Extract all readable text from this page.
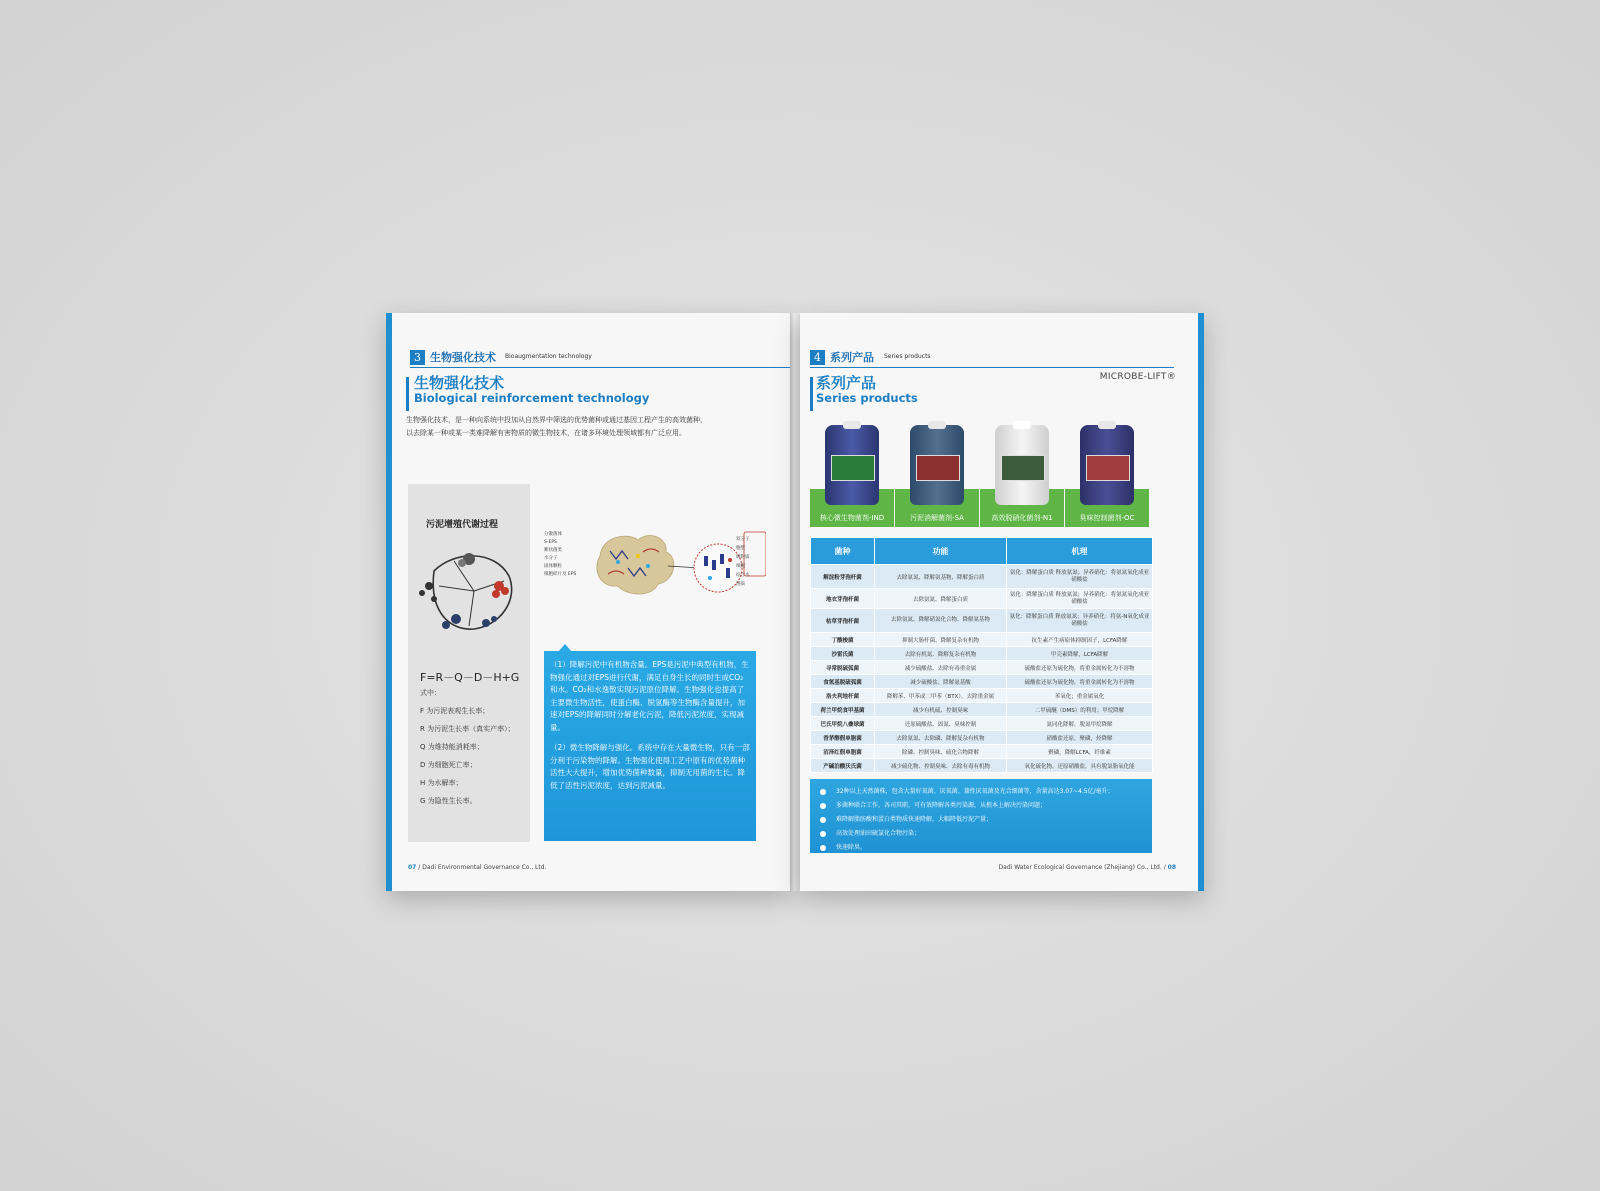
3 生物强化技术 Bioaugmentation technology
生物强化技术
Biological reinforcement technology
生物强化技术，是一种向系统中投加从自然界中筛选的优势菌种或通过基因工程产生的高效菌种，
以去除某一种或某一类难降解有害物质的微生物技术，在诸多环境处理领域都有广泛应用。
污泥增殖代谢过程
F=R－Q－D－H+G
式中：
F 为污泥表观生长率；
R 为污泥生长率（真实产率）；
Q 为维持能消耗率；
D 为细胞死亡率；
H 为水解率；
G 为隐性生长率。
分散菌体
S-EPS
絮状菌类
水分子
固体颗粒
细胞碎片及 EPS
双分子
胞壁
吸附质
细胞
结合水
溶质

（1）降解污泥中有机物含量。EPS是污泥中典型有机物，生物强化通过对EPS进行代谢，满足自身生长的同时生成CO₂和水。CO₂和水逸散实现污泥原位降解。生物强化也提高了主要微生物活性，使蛋白酶、脱氢酶等生物酶含量提升，加速对EPS的降解同时分解老化污泥，降低污泥浓度，实现减量。

（2）微生物降解与强化。系统中存在大量微生物，只有一部分利于污染物的降解。生物强化使得工艺中原有的优势菌种活性大大提升，增加优势菌种数量，抑制无用菌的生长。降低了活性污泥浓度，达到污泥减量。

07 / Dadi Environmental Governance Co., Ltd.
4 系列产品 Series products
系列产品
Series products
MICROBE-LIFT®
核心微生物菌剂-IND	污泥消解菌剂-SA	高效脱硝化菌剂-N1	臭味控制菌剂-OC
菌种	功能	机理
解淀粉芽孢杆菌	去除氨氮、降解氨基物、降解蛋白质	氨化：降解蛋白质 释放氨氮；异养硝化：将氨氮氧化成亚硝酸盐
地衣芽孢杆菌	去除氨氮、降解蛋白质	氨化：降解蛋白质 释放氨氮；异养硝化：将氨氮氧化成亚硝酸盐
枯草芽孢杆菌	去除氨氮、降解硝氮化合物、降解氨基物	氨化：降解蛋白质 释放氨氮；异养硝化：将氨-N氧化成亚硝酸盐
丁酸梭菌	抑制大肠杆菌、降解复杂有机物	抗生素产生病原体抑制因子，LCFA降解
沙雷氏菌	去除有机氮、降解复杂有机物	甲壳素降解，LCFA降解
寻常脱硫弧菌	减少硫酸盐、去除有毒重金属	硫酸盐还原为硫化物，将重金属转化为不溶物
食氢基脱硫弧菌	减少硫酸盐、降解氨基酸	硫酸盐还原为硫化物，将重金属转化为不溶物
洛夫利地杆菌	降解苯、甲苯或二甲苯（BTX），去除重金属	苯氧化；重金属氧化
荷兰甲烷食甲基菌	减少有机硫、控制臭味	二甲硫醚（DMS）的利用；甲烷降解
巴氏甲烷八叠球菌	还原硫酸盐、固氮、臭味控制	氮同化降解，脱氮甲烷降解
香茅醇假单胞菌	去除氨氮、去除磷、降解复杂有机物	硝酸盐还原，聚磷，烃降解
沼泽红假单胞菌	除磷、控制臭味、硫化合物降解	聚磷，降解LCFA，纤维素
产碱泊酸沃氏菌	减少硫化物、控制臭味、去除有毒有机物	氧化硫化物，还原硝酸盐，具有脱氯脂氧化能
32种以上天然菌株，包含大量好氧菌、厌氧菌、兼性厌氧菌及光合细菌等，含量高达3.07~4.5亿/毫升；
多菌种联合工作，各司其职，可有效降解各类污染源，从根本上解决污染问题；
难降解脂肪酸和蛋白类物质快速降解，大幅降低污泥产量；
高效处理油田硫氯化合物污染；
快速除臭。
Dadi Water Ecological Governance (Zhejiang) Co., Ltd. / 08
